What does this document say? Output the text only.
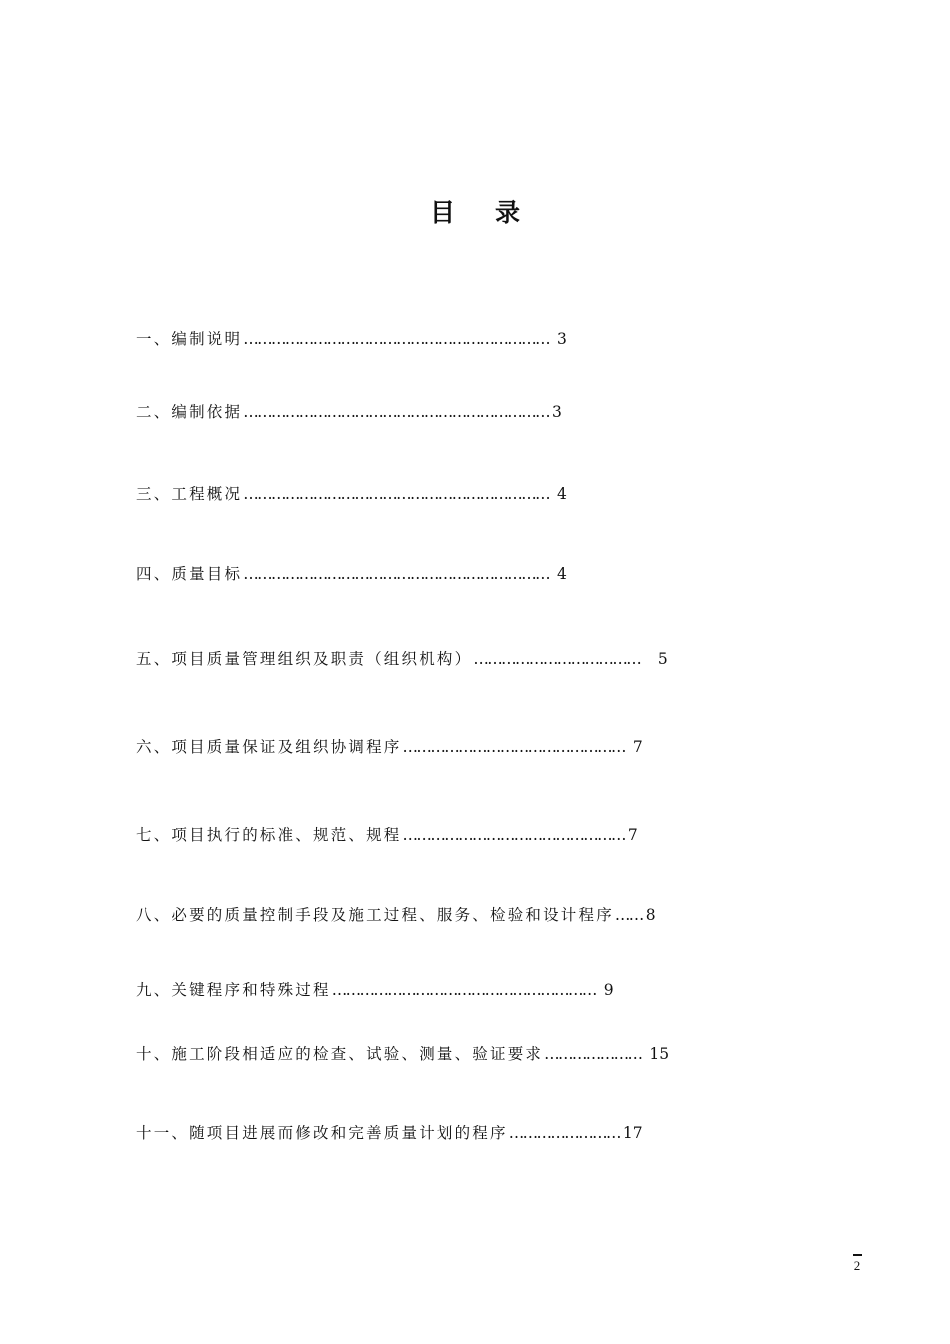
目 录
一、编制说明………………………………………………………… 3
二、编制依据………………………………………………………… 3
三、工程概况………………………………………………………… 4
四、质量目标………………………………………………………… 4
五、项目质量管理组织及职责（组织机构）………………………………   5
六、项目质量保证及组织协调程序………………………………………… 7
七、项目执行的标准、规范、规程………………………………………… 7
八、必要的质量控制手段及施工过程、服务、检验和设计程序…… 8
九、关键程序和特殊过程………………………………………………… 9
十、施工阶段相适应的检查、试验、测量、验证要求………………… 15
十一、随项目进展而修改和完善质量计划的程序…………………… 17
2
